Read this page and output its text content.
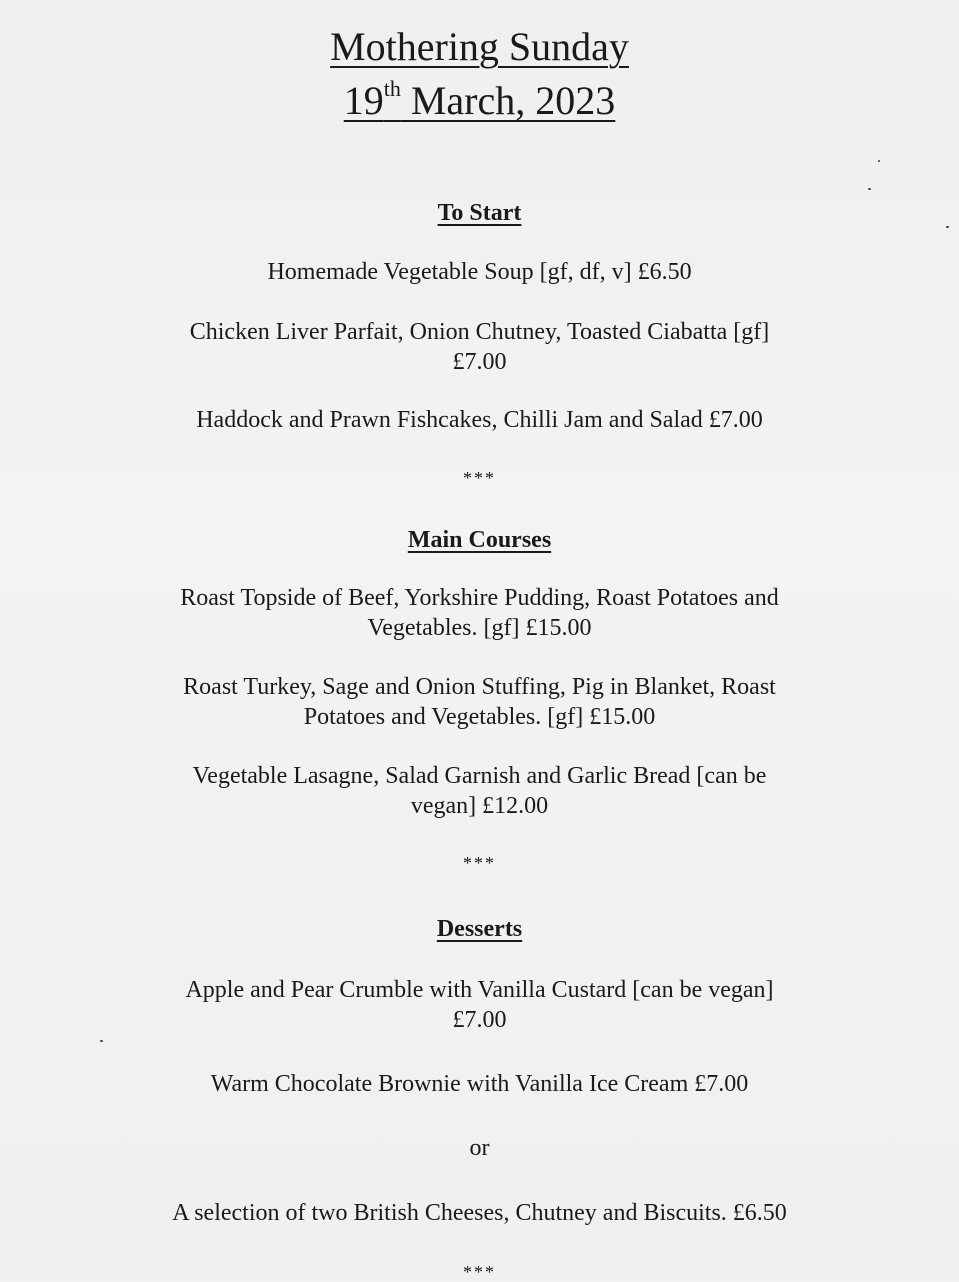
Mothering Sunday
19th March, 2023
To Start
Homemade Vegetable Soup [gf, df, v] £6.50
Chicken Liver Parfait, Onion Chutney, Toasted Ciabatta [gf]
£7.00
Haddock and Prawn Fishcakes, Chilli Jam and Salad £7.00
***
Main Courses
Roast Topside of Beef, Yorkshire Pudding, Roast Potatoes and
Vegetables. [gf] £15.00
Roast Turkey, Sage and Onion Stuffing, Pig in Blanket, Roast
Potatoes and Vegetables. [gf] £15.00
Vegetable Lasagne, Salad Garnish and Garlic Bread [can be
vegan] £12.00
***
Desserts
Apple and Pear Crumble with Vanilla Custard [can be vegan]
£7.00
Warm Chocolate Brownie with Vanilla Ice Cream £7.00
or
A selection of two British Cheeses, Chutney and Biscuits. £6.50
***
